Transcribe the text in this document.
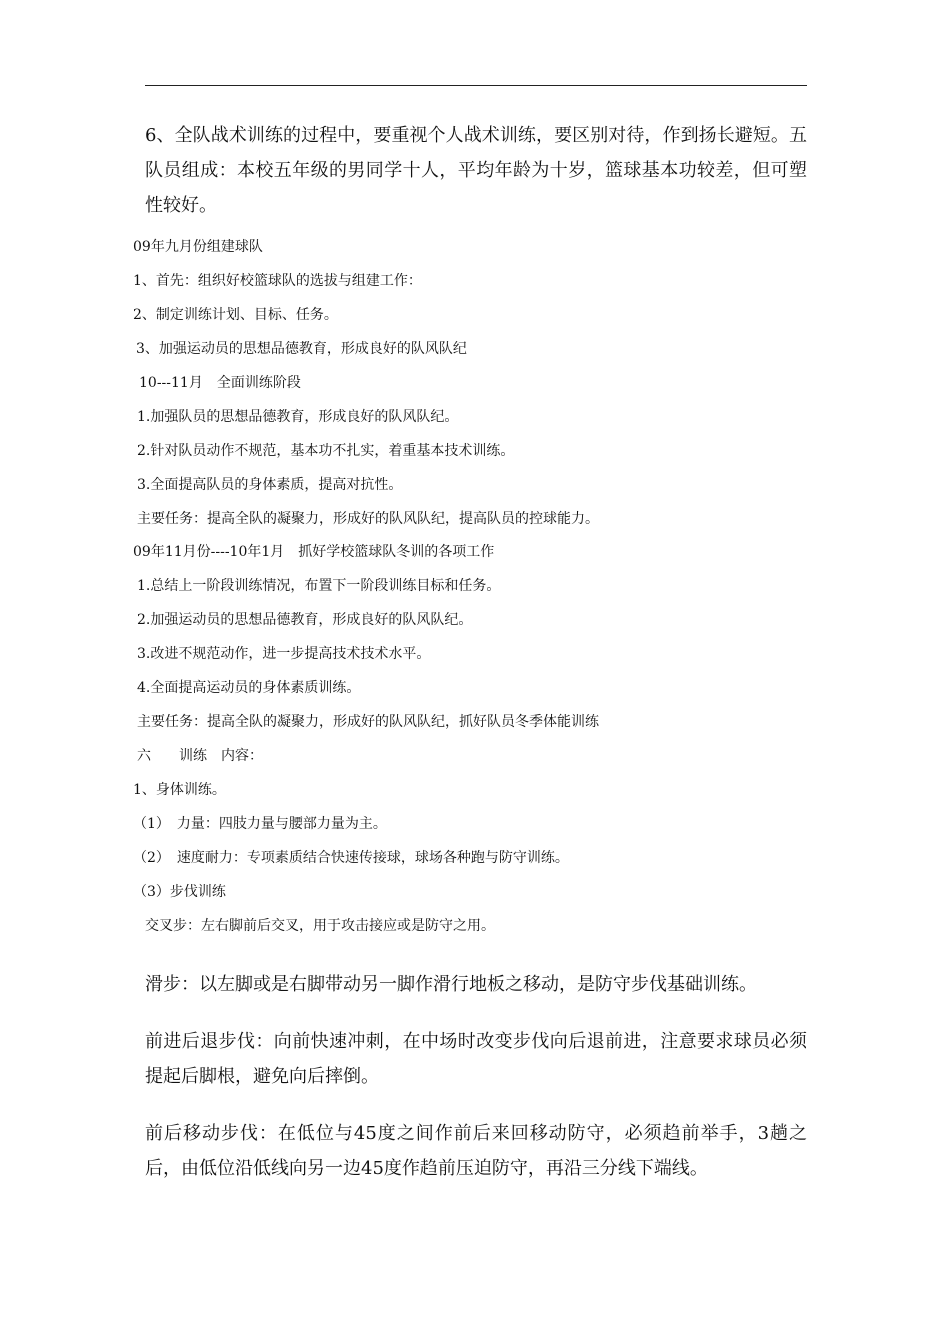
6、全队战术训练的过程中，要重视个人战术训练，要区别对待，作到扬长避短。五队员组成：本校五年级的男同学十人，平均年龄为十岁，篮球基本功较差，但可塑性较好。
09年九月份组建球队
1、首先：组织好校篮球队的选拔与组建工作：
2、制定训练计划、目标、任务。
3、加强运动员的思想品德教育，形成良好的队风队纪
10---11月　全面训练阶段
1.加强队员的思想品德教育，形成良好的队风队纪。
2.针对队员动作不规范，基本功不扎实，着重基本技术训练。
3.全面提高队员的身体素质，提高对抗性。
主要任务：提高全队的凝聚力，形成好的队风队纪，提高队员的控球能力。
09年11月份----10年1月　抓好学校篮球队冬训的各项工作
1.总结上一阶段训练情况，布置下一阶段训练目标和任务。
2.加强运动员的思想品德教育，形成良好的队风队纪。
3.改进不规范动作，进一步提高技术技术水平。
4.全面提高运动员的身体素质训练。
主要任务：提高全队的凝聚力，形成好的队风队纪，抓好队员冬季体能训练
六　　训练　内容：
1、身体训练。
（1）　力量：四肢力量与腰部力量为主。
（2）　速度耐力：专项素质结合快速传接球，球场各种跑与防守训练。
（3）步伐训练
交叉步：左右脚前后交叉，用于攻击接应或是防守之用。
滑步：以左脚或是右脚带动另一脚作滑行地板之移动，是防守步伐基础训练。
前进后退步伐：向前快速冲刺，在中场时改变步伐向后退前进，注意要求球员必须提起后脚根，避免向后摔倒。
前后移动步伐：在低位与45度之间作前后来回移动防守，必须趋前举手，3趟之后，由低位沿低线向另一边45度作趋前压迫防守，再沿三分线下端线。
